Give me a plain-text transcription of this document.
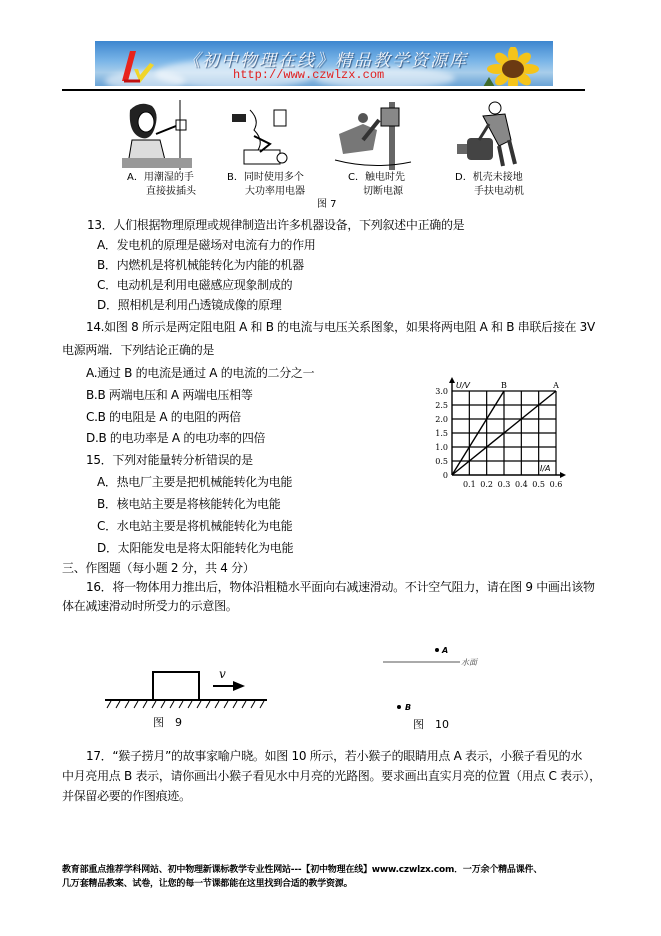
《初中物理在线》精品教学资源库
http://www.czwlzx.com
A．用潮湿的手
直接拔插头
B．同时使用多个
大功率用电器
C．触电时先
切断电源
D．机壳未接地
手扶电动机
图 7
13．人们根据物理原理或规律制造出许多机器设备，下列叙述中正确的是
A．发电机的原理是磁场对电流有力的作用
B．内燃机是将机械能转化为内能的机器
C．电动机是利用电磁感应现象制成的
D．照相机是利用凸透镜成像的原理
14.如图 8 所示是两定阻电阻 A 和 B 的电流与电压关系图象，如果将两电阻 A 和 B 串联后接在 3V
电源两端．下列结论正确的是
A.通过 B 的电流是通过 A 的电流的二分之一
B.B 两端电压和 A 两端电压相等
C.B 的电阻是 A 的电阻的两倍
D.B 的电功率是 A 的电功率的四倍
U/V
I/A
0
0.5
1.0
1.5
2.0
2.5
3.0
0.1 0.2 0.3 0.4 0.5 0.6
B	A
15．下列对能量转分析错误的是
A．热电厂主要是把机械能转化为电能
B．核电站主要是将核能转化为电能
C．水电站主要是将机械能转化为电能
D．太阳能发电是将太阳能转化为电能
三、作图题（每小题 2 分，共 4 分）
16．将一物体用力推出后，物体沿粗糙水平面向右减速滑动。不计空气阻力，请在图 9 中画出该物
体在减速滑动时所受力的示意图。
v
图　9
A
水面
B
图　10
17．“猴子捞月”的故事家喻户晓。如图 10 所示，若小猴子的眼睛用点 A 表示，小猴子看见的水
中月亮用点 B 表示，请你画出小猴子看见水中月亮的光路图。要求画出直实月亮的位置（用点 C 表示），
并保留必要的作图痕迹。
教育部重点推荐学科网站、初中物理新课标教学专业性网站---【初中物理在线】www.czwlzx.com．一万余个精品课件、
几万套精品教案、试卷，让您的每一节课都能在这里找到合适的教学资源。
